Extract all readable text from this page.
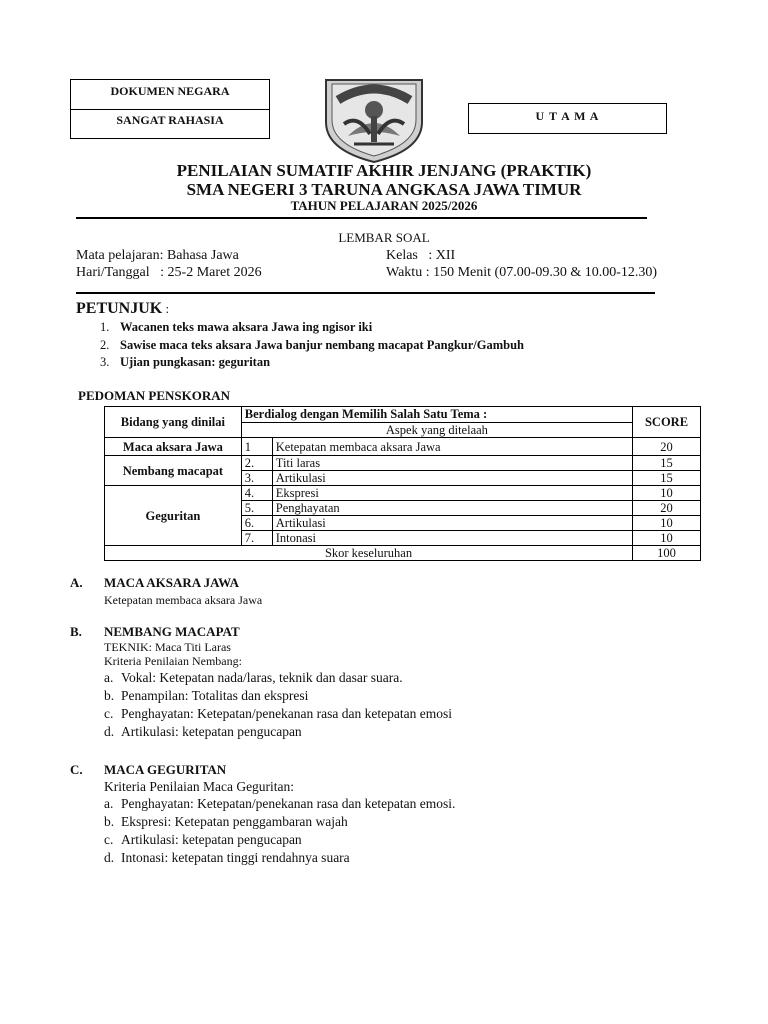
DOKUMEN NEGARA
SANGAT RAHASIA	U T A M A
PENILAIAN SUMATIF AKHIR JENJANG (PRAKTIK)
SMA NEGERI 3 TARUNA ANGKASA JAWA TIMUR
TAHUN PELAJARAN 2025/2026
LEMBAR SOAL
Mata pelajaran: Bahasa Jawa
Hari/Tanggal   : 25-2 Maret 2026
Kelas   : XII
Waktu : 150 Menit (07.00-09.30 & 10.00-12.30)
PETUNJUK :
1. Wacanen teks mawa aksara Jawa ing ngisor iki
2. Sawise maca teks aksara Jawa banjur nembang macapat Pangkur/Gambuh
3. Ujian pungkasan: geguritan
PEDOMAN PENSKORAN
Bidang yang dinilai	Berdialog dengan Memilih Salah Satu Tema :		SCORE
	Aspek yang ditelaah		
Maca aksara Jawa	1	Ketepatan membaca aksara Jawa	20
Nembang macapat	2.	Titi laras	15
	3.	Artikulasi	15
Geguritan	4.	Ekspresi	10
	5.	Penghayatan	20
	6.	Artikulasi	10
	7.	Intonasi	10
Skor keseluruhan			100
A. MACA AKSARA JAWA
Ketepatan membaca aksara Jawa
B. NEMBANG MACAPAT
TEKNIK: Maca Titi Laras
Kriteria Penilaian Nembang:
a. Vokal: Ketepatan nada/laras, teknik dan dasar suara.
b. Penampilan: Totalitas dan ekspresi
c. Penghayatan: Ketepatan/penekanan rasa dan ketepatan emosi
d. Artikulasi: ketepatan pengucapan
C. MACA GEGURITAN
Kriteria Penilaian Maca Geguritan:
a. Penghayatan: Ketepatan/penekanan rasa dan ketepatan emosi.
b. Ekspresi: Ketepatan penggambaran wajah
c. Artikulasi: ketepatan pengucapan
d. Intonasi: ketepatan tinggi rendahnya suara
